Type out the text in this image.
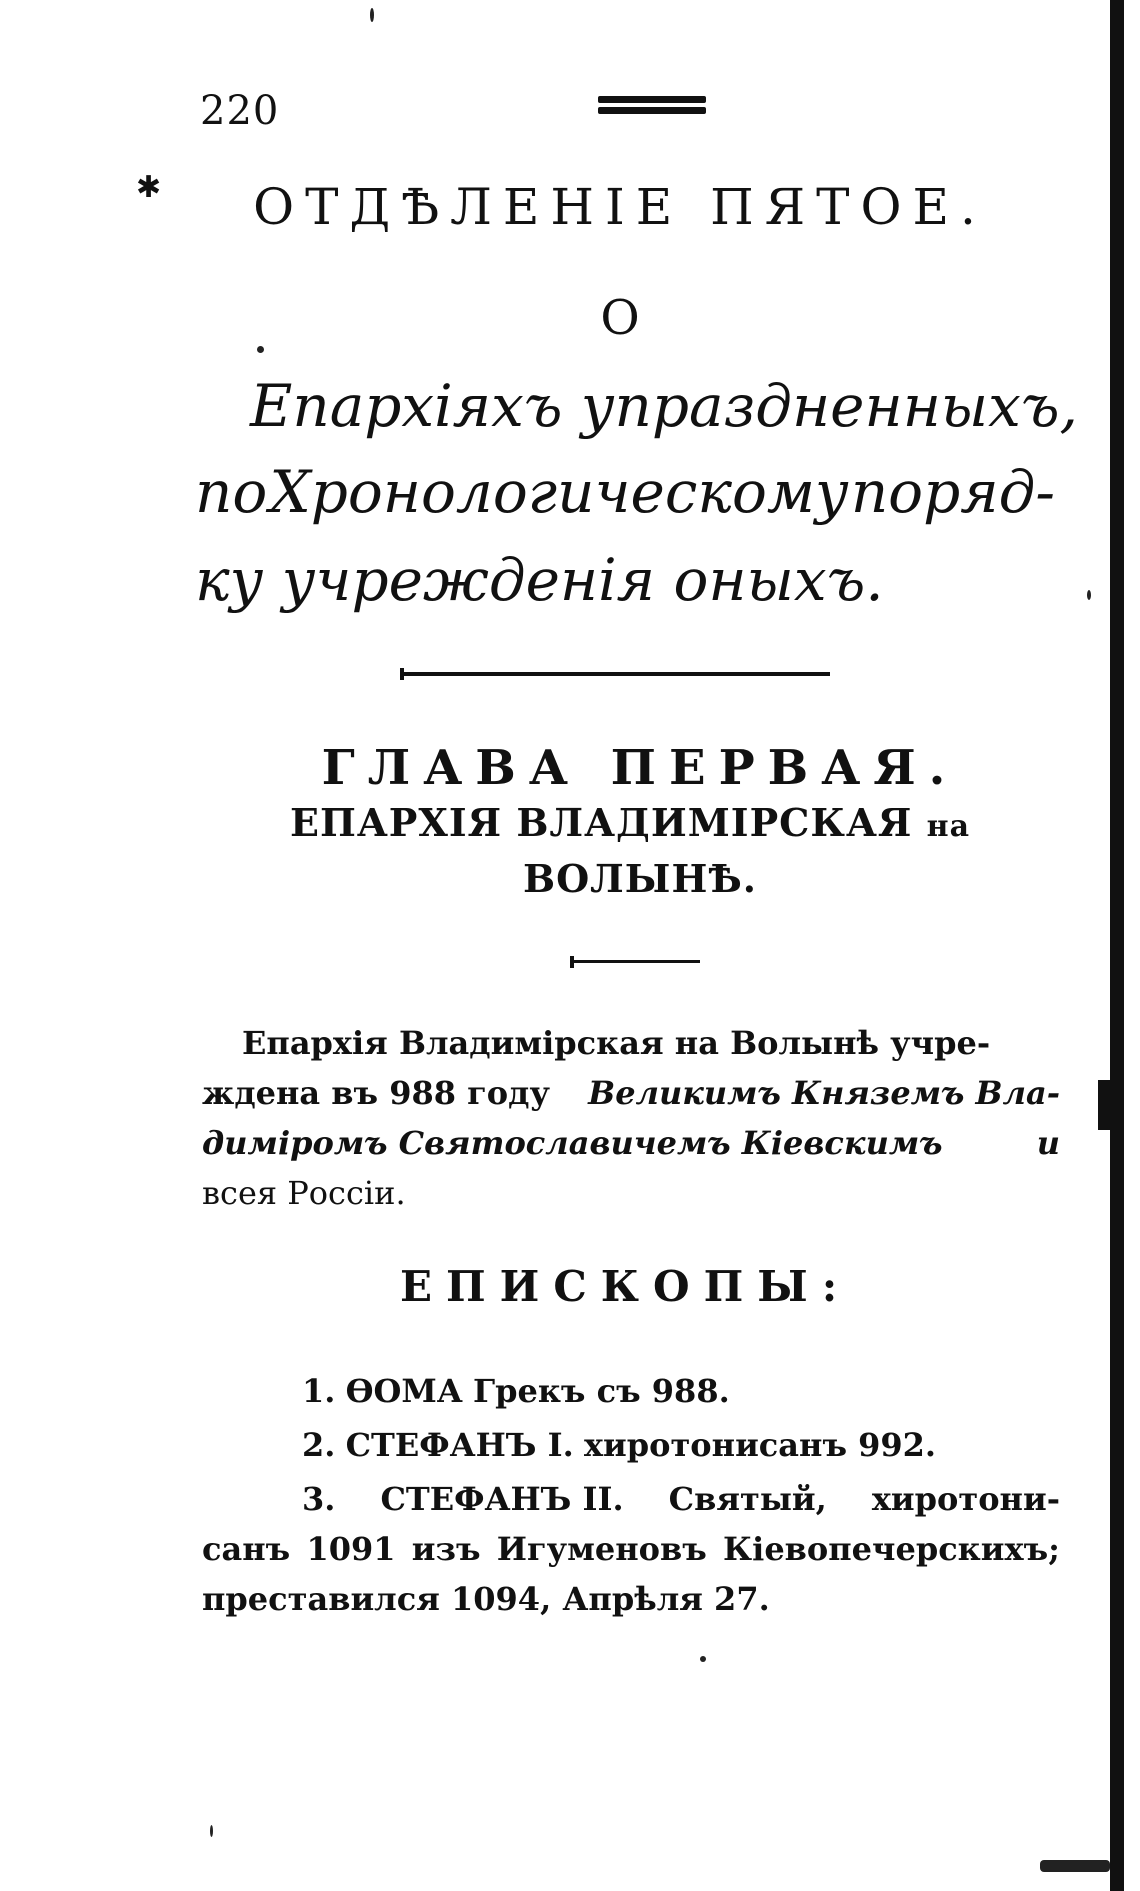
220
✱	ОТДѢЛЕНІЕ ПЯТОЕ.
О
Епархіяхъ упраздненныхъ,
по Хронологическому поряд-
ку учрежденія оныхъ.
ГЛАВА ПЕРВАЯ.
ЕПАРХІЯ ВЛАДИМІРСКАЯ на
ВОЛЫНѢ.
Епархія Владимірская на Волынѣ учре-
ждена въ 988 году Великимъ Княземъ Вла-
димiромъ Святославичемъ Кiевскимъ	и
всея Россiи.
ЕПИСКОПЫ:
1. ѲОМА Грекъ съ 988.
2. СТЕФАНЪ I. хиротонисанъ 992.
3. СТЕФАНЪ II. Святый, хиротони-
санъ 1091 изъ Игуменовъ Кiевопечерскихъ;
преставился 1094, Апрѣля 27.
